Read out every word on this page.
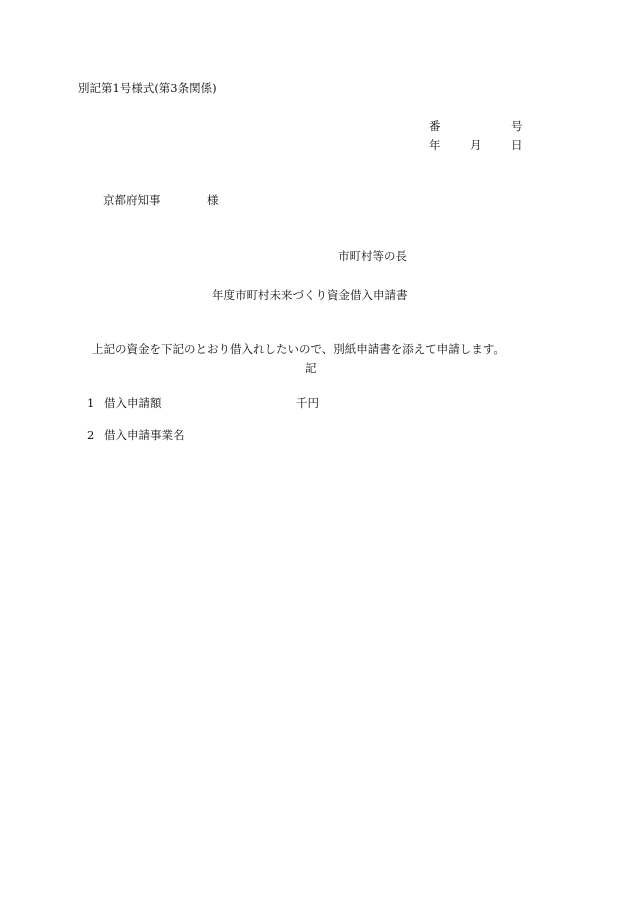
別記第1号様式(第3条関係)
番	号
年	月	日
京都府知事	様
市町村等の長
年度市町村未来づくり資金借入申請書
上記の資金を下記のとおり借入れしたいので、別紙申請書を添えて申請します。
記
1 借入申請額	千円
2 借入申請事業名
